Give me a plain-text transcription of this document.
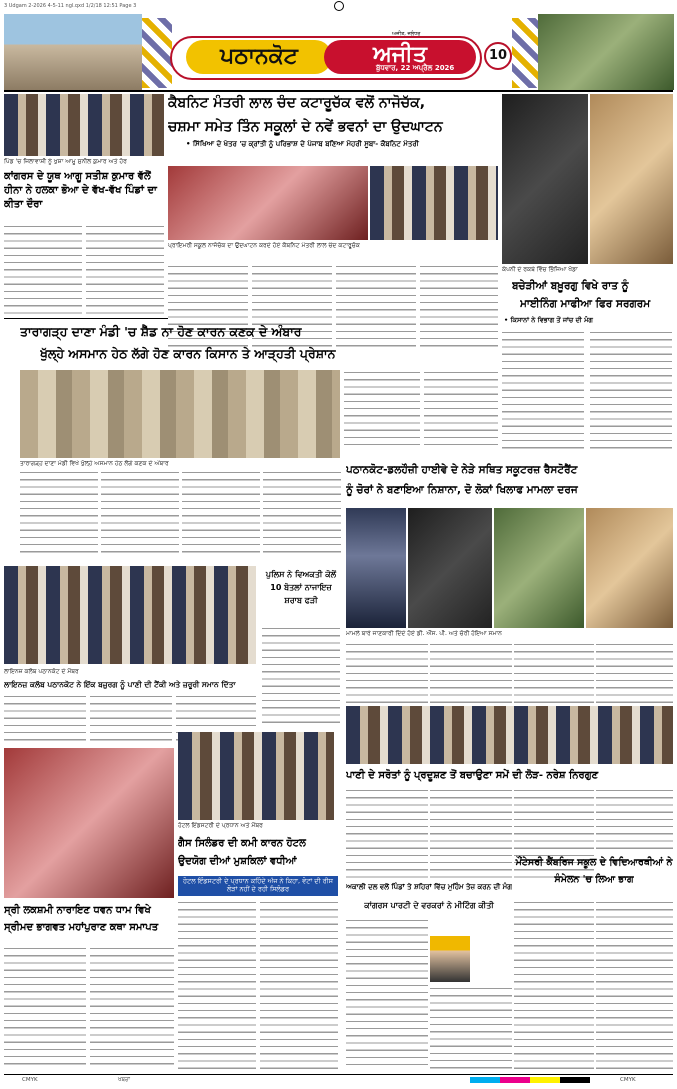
3 Udgam 2-2026 4-5-11 ngl.qxd 1/2/18 12:51 Page 3
ਪਠਾਨਕੋਟ	ਅਜੀਤ
ਅਜੀਤ, ਜਲੰਧਰ
ਬੁੱਧਵਾਰ, 22 ਅਪ੍ਰੈਲ 2026
10
ਕੈਬਨਿਟ ਮੰਤਰੀ ਲਾਲ ਚੰਦ ਕਟਾਰੂਚੱਕ ਵਲੋਂ ਨਾਜੋਚੱਕ,
ਚਸ਼ਮਾ ਸਮੇਤ ਤਿੰਨ ਸਕੂਲਾਂ ਦੇ ਨਵੇਂ ਭਵਨਾਂ ਦਾ ਉਦਘਾਟਨ
• ਸਿੱਖਿਆ ਦੇ ਖੇਤਰ 'ਚ ਕ੍ਰਾਂਤੀ ਨੂੰ ਪਰਿਭਾਸ਼ ਦੇ ਪੰਜਾਬ ਬਣਿਆ ਮੋਹਰੀ ਸੂਬਾ- ਕੈਬਨਿਟ ਮੰਤਰੀ
ਪਿੰਡ 'ਚ ਜਿਲਾਵਾਸ਼ੀ ਨੂੰ ਖੁਸ਼ਾ ਆਮੂ ਸੁਨੀਲ ਕੁਮਾਰ ਅਤੇ ਹੋਰ
ਕਾਂਗਰਸ ਦੇ ਯੂਥ ਆਗੂ ਸਤੀਸ਼ ਕੁਮਾਰ ਵੱਲੋਂ ਹੀਨਾ ਨੇ ਹਲਕਾ ਭੋਆ ਦੇ ਵੱਖ-ਵੱਖ ਪਿੰਡਾਂ ਦਾ ਕੀਤਾ ਦੌਰਾ
ਪ੍ਰਾਇਮਰੀ ਸਕੂਲ ਨਾਜੋਚੱਕ ਦਾ ਉਦਘਾਟਨ ਕਰਦੇ ਹੋਏ ਕੈਬਨਿਟ ਮੰਤਰੀ ਲਾਲ ਚੰਦ ਕਟਾਰੂਚੱਕ
ਤਾਰਾਗੜ੍ਹ ਦਾਣਾ ਮੰਡੀ 'ਚ ਸ਼ੈੱਡ ਨਾ ਹੋਣ ਕਾਰਨ ਕਣਕ ਦੇ ਅੰਬਾਰ
ਖੁੱਲ੍ਹੇ ਅਸਮਾਨ ਹੇਠ ਲੱਗੇ ਹੋਣ ਕਾਰਨ ਕਿਸਾਨ ਤੇ ਆੜ੍ਹਤੀ ਪ੍ਰੇਸ਼ਾਨ
ਤਾਰਾਗੜ੍ਹ ਦਾਣਾ ਮੰਡੀ ਵਿਖੇ ਖੁੱਲ੍ਹੇ ਅਸਮਾਨ ਹੇਠ ਲੱਗੇ ਕਣਕ ਦੇ ਅੰਬਾਰ
ਕੰਪਨੀ ਦੇ ਰਕਬੇ ਵਿੱਚ ਭਿੱਜਿਆ ਖੱਡਾ
ਬਚੇੜੀਆਂ ਬਖ਼ੂਰਗੁ ਵਿਖੇ ਰਾਤ ਨੂੰ
ਮਾਈਨਿੰਗ ਮਾਫੀਆ ਫਿਰ ਸਰਗਰਮ
• ਕਿਸਾਨਾਂ ਨੇ ਵਿਭਾਗ ਤੋਂ ਜਾਂਚ ਦੀ ਮੰਗ
ਪਠਾਨਕੋਟ-ਡਲਹੌਜ਼ੀ ਹਾਈਵੇ ਦੇ ਨੇੜੇ ਸਥਿਤ ਸਕੂਟਰਜ਼ ਰੈਸਟੋਰੈਂਟ
ਨੂੰ ਚੋਰਾਂ ਨੇ ਬਣਾਇਆ ਨਿਸ਼ਾਨਾ, ਦੋ ਲੋਕਾਂ ਖਿਲਾਫ ਮਾਮਲਾ ਦਰਜ
ਮਾਮਲੇ ਬਾਰੇ ਜਾਣਕਾਰੀ ਦਿੰਦੇ ਹੋਏ ਡੀ. ਐੱਸ. ਪੀ. ਅਤੇ ਚੋਰੀ ਹੋਇਆ ਸਮਾਨ
ਪੁਲਿਸ ਨੇ ਵਿਅਕਤੀ ਕੋਲੋਂ 10 ਬੋਤਲਾਂ ਨਾਜਾਇਜ਼ ਸ਼ਰਾਬ ਫੜੀ
ਲਾਇਨਜ਼ ਕਲੱਬ ਪਠਾਨਕੋਟ ਦੇ ਮੈਂਬਰ
ਲਾਇਨਜ਼ ਕਲੱਬ ਪਠਾਨਕੋਟ ਨੇ ਇੱਕ ਬਜ਼ੁਰਗ ਨੂੰ ਪਾਣੀ ਦੀ ਟੈਂਕੀ ਅਤੇ ਜ਼ਰੂਰੀ ਸਮਾਨ ਦਿੱਤਾ
ਹੋਟਲ ਇੰਡਸਟਰੀ ਦੇ ਪ੍ਰਧਾਨ ਅਤੇ ਮੈਂਬਰ
ਪਾਣੀ ਦੇ ਸਰੋਤਾਂ ਨੂੰ ਪ੍ਰਦੂਸ਼ਣ ਤੋਂ ਬਚਾਉਣਾ ਸਮੇਂ ਦੀ ਲੋੜ- ਨਰੇਸ਼ ਨਿਰਗੁਣ
ਗੈਸ ਸਿਲੰਡਰ ਦੀ ਕਮੀ ਕਾਰਨ ਹੋਟਲ
ਉਦਯੋਗ ਦੀਆਂ ਮੁਸ਼ਕਿਲਾਂ ਵਧੀਆਂ
ਹੋਟਲ ਇੰਡਸਟਰੀ ਦੇ ਪ੍ਰਧਾਨ ਕਹਿੰਦੇ ਅੱਜ ਨੇ ਕਿਹਾ, ਵੋਟਾਂ ਦੀ ਰੀਸ ਲੋੜਾਂ ਨਹੀਂ ਦੇ ਰਹੀ ਸਿਲੰਡਰ
ਸ੍ਰੀ ਲਕਸ਼ਮੀ ਨਾਰਾਇਣ ਧਵਨ ਧਾਮ ਵਿਖੇ ਸ੍ਰੀਮਦ ਭਾਗਵਤ ਮਹਾਂਪੁਰਾਣ ਕਥਾ ਸਮਾਪਤ
ਮੌਂਟੇਸਰੀ ਕੈਂਬਰਿਜ ਸਕੂਲ ਦੇ ਵਿਦਿਆਰਥੀਆਂ ਨੇ ਸੰਮੇਲਨ 'ਚ ਲਿਆ ਭਾਗ
ਅਕਾਲੀ ਦਲ ਵਲੋਂ ਪਿੰਡਾਂ ਤੇ ਸ਼ਹਿਰਾਂ ਵਿੱਚ ਮੁਹਿੰਮ ਤੇਜ਼ ਕਰਨ ਦੀ ਮੰਗ
ਕਾਂਗਰਸ ਪਾਰਟੀ ਦੇ ਵਰਕਰਾਂ ਨੇ ਮੀਟਿੰਗ ਕੀਤੀ
CMYK	ਖਬਰਾਂ	CMYK
